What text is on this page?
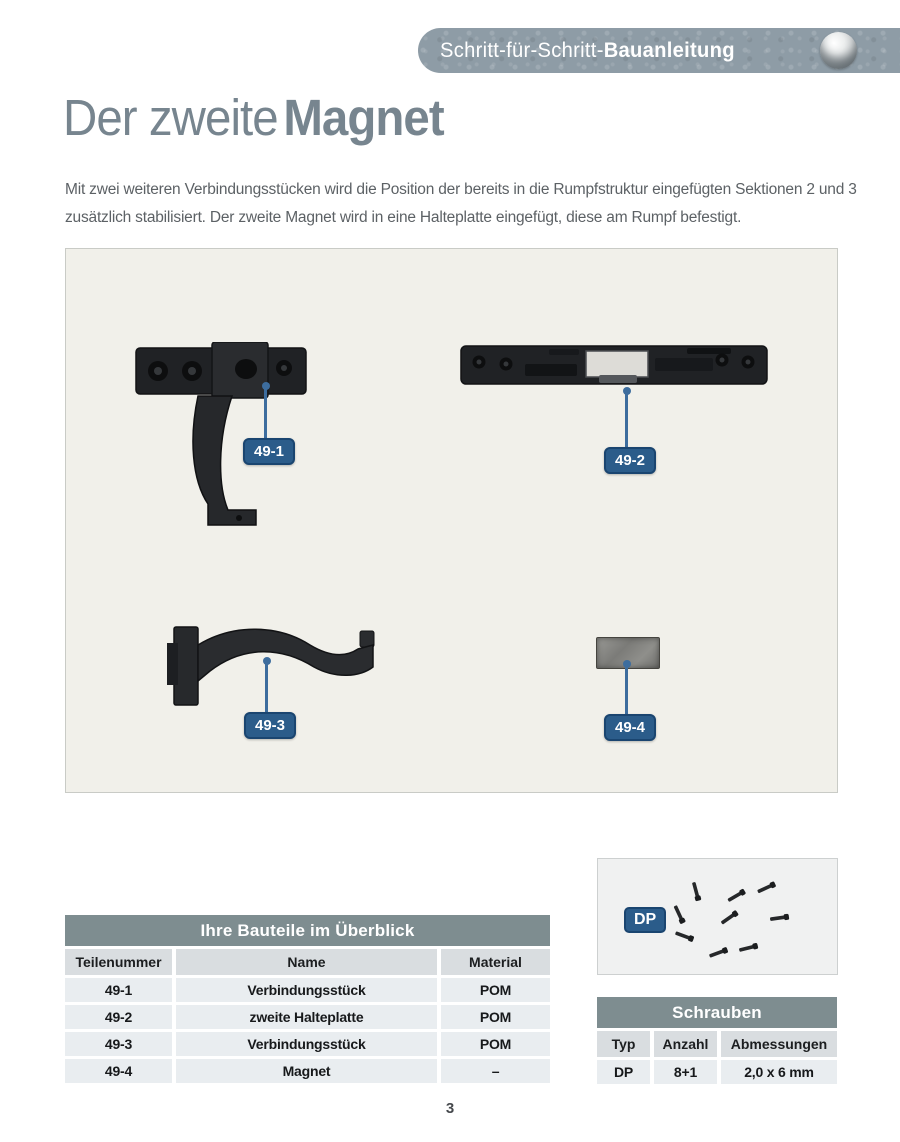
Schritt-für-Schritt-Bauanleitung
Der zweite Magnet

Mit zwei weiteren Verbindungsstücken wird die Position der bereits in die Rumpfstruktur eingefügten Sektionen 2 und 3 zusätzlich stabilisiert. Der zweite Magnet wird in eine Halteplatte eingefügt, diese am Rumpf befestigt.

49-1
49-2
49-3	49-4
DP
Ihre Bauteile im Überblick
Teilenummer	Name	Material
49-1	Verbindungsstück	POM
49-2	zweite Halteplatte	POM
49-3	Verbindungsstück	POM
49-4	Magnet	–
Schrauben
Typ	Anzahl	Abmessungen
DP	8+1	2,0 x 6 mm
3
